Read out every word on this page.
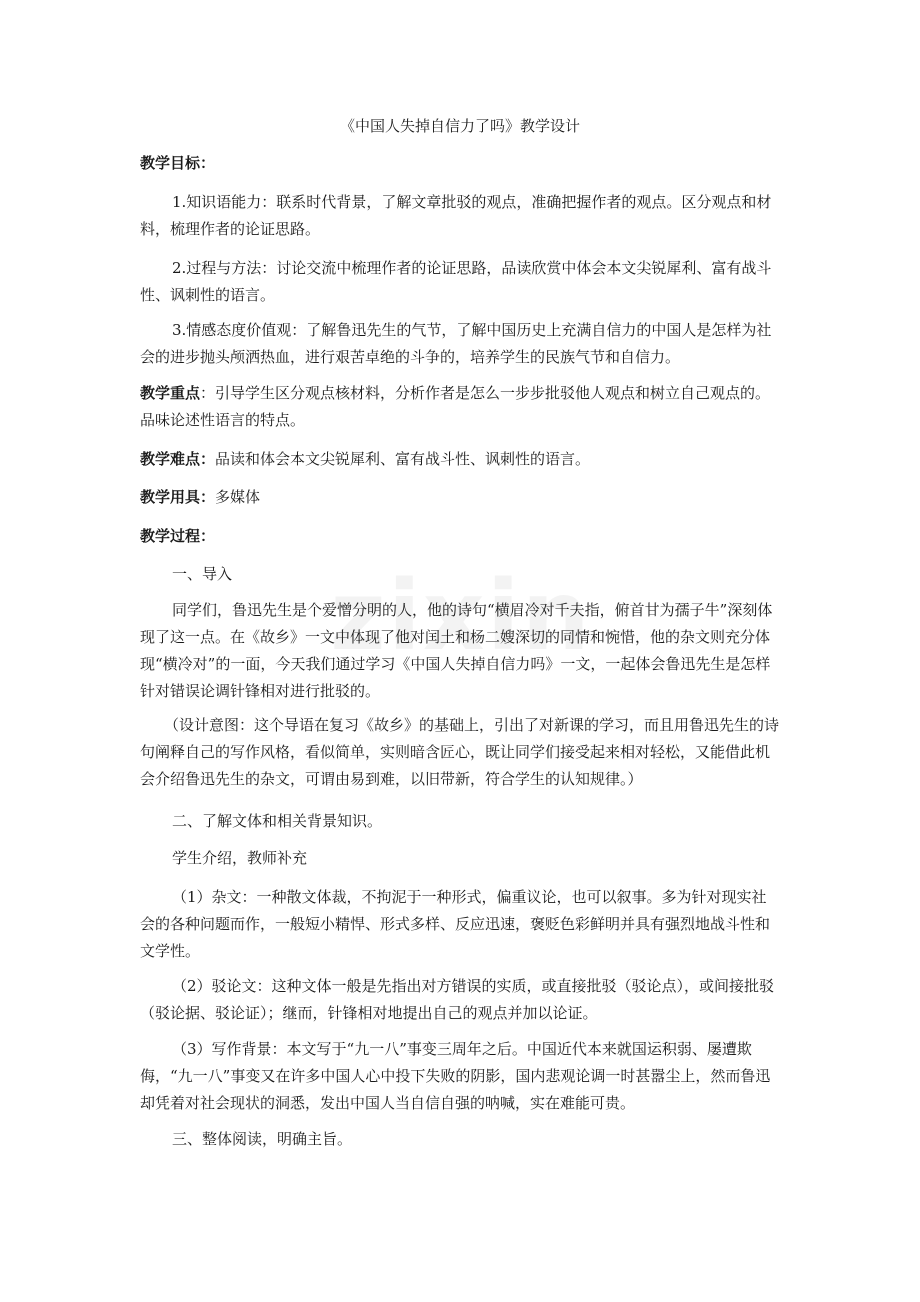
《中国人失掉自信力了吗》教学设计

教学目标：

1.知识语能力：联系时代背景，了解文章批驳的观点，准确把握作者的观点。区分观点和材料，梳理作者的论证思路。

2.过程与方法：讨论交流中梳理作者的论证思路，品读欣赏中体会本文尖锐犀利、富有战斗性、讽刺性的语言。

3.情感态度价值观：了解鲁迅先生的气节，了解中国历史上充满自信力的中国人是怎样为社会的进步抛头颅洒热血，进行艰苦卓绝的斗争的，培养学生的民族气节和自信力。

教学重点：引导学生区分观点核材料，分析作者是怎么一步步批驳他人观点和树立自己观点的。品味论述性语言的特点。

教学难点：品读和体会本文尖锐犀利、富有战斗性、讽刺性的语言。

教学用具：多媒体

教学过程：

一、导入

同学们，鲁迅先生是个爱憎分明的人，他的诗句“横眉冷对千夫指，俯首甘为孺子牛”深刻体现了这一点。在《故乡》一文中体现了他对闰土和杨二嫂深切的同情和惋惜，他的杂文则充分体现“横冷对”的一面，今天我们通过学习《中国人失掉自信力吗》一文，一起体会鲁迅先生是怎样针对错误论调针锋相对进行批驳的。

（设计意图：这个导语在复习《故乡》的基础上，引出了对新课的学习，而且用鲁迅先生的诗句阐释自己的写作风格，看似简单，实则暗含匠心，既让同学们接受起来相对轻松，又能借此机会介绍鲁迅先生的杂文，可谓由易到难，以旧带新，符合学生的认知规律。）

二、了解文体和相关背景知识。

学生介绍，教师补充

（1）杂文：一种散文体裁，不拘泥于一种形式，偏重议论，也可以叙事。多为针对现实社会的各种问题而作，一般短小精悍、形式多样、反应迅速，褒贬色彩鲜明并具有强烈地战斗性和文学性。

（2）驳论文：这种文体一般是先指出对方错误的实质，或直接批驳（驳论点），或间接批驳（驳论据、驳论证）；继而，针锋相对地提出自己的观点并加以论证。

（3）写作背景：本文写于“九一八”事变三周年之后。中国近代本来就国运积弱、屡遭欺侮，“九一八”事变又在许多中国人心中投下失败的阴影，国内悲观论调一时甚嚣尘上，然而鲁迅却凭着对社会现状的洞悉，发出中国人当自信自强的呐喊，实在难能可贵。

三、整体阅读，明确主旨。
